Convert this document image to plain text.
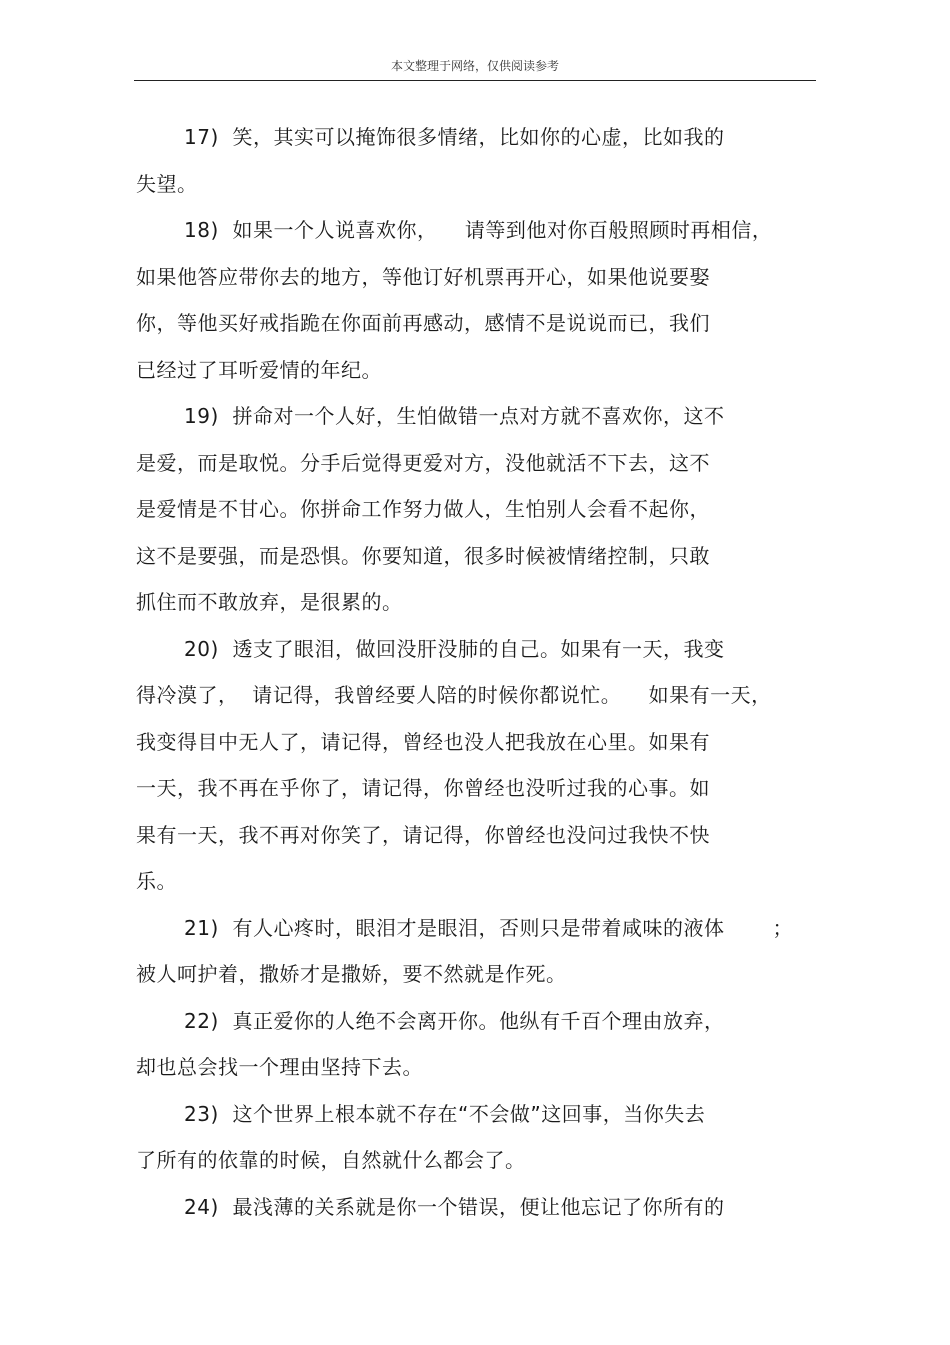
本文整理于网络，仅供阅读参考
17)  笑，其实可以掩饰很多情绪，比如你的心虚，比如我的
失望。
18)  如果一个人说喜欢你，    请等到他对你百般照顾时再相信，
如果他答应带你去的地方，等他订好机票再开心，如果他说要娶
你，等他买好戒指跪在你面前再感动，感情不是说说而已，我们
已经过了耳听爱情的年纪。
19)  拼命对一个人好，生怕做错一点对方就不喜欢你，这不
是爱，而是取悦。分手后觉得更爱对方，没他就活不下去，这不
是爱情是不甘心。你拼命工作努力做人，生怕别人会看不起你，
这不是要强，而是恐惧。你要知道，很多时候被情绪控制，只敢
抓住而不敢放弃，是很累的。
20)  透支了眼泪，做回没肝没肺的自己。如果有一天，我变
得冷漠了，  请记得，我曾经要人陪的时候你都说忙。    如果有一天，
我变得目中无人了，请记得，曾经也没人把我放在心里。如果有
一天，我不再在乎你了，请记得，你曾经也没听过我的心事。如
果有一天，我不再对你笑了，请记得，你曾经也没问过我快不快
乐。
21)  有人心疼时，眼泪才是眼泪，否则只是带着咸味的液体       ；
被人呵护着，撒娇才是撒娇，要不然就是作死。
22)  真正爱你的人绝不会离开你。他纵有千百个理由放弃，
却也总会找一个理由坚持下去。
23)  这个世界上根本就不存在“不会做”这回事，当你失去
了所有的依靠的时候，自然就什么都会了。
24)  最浅薄的关系就是你一个错误，便让他忘记了你所有的
